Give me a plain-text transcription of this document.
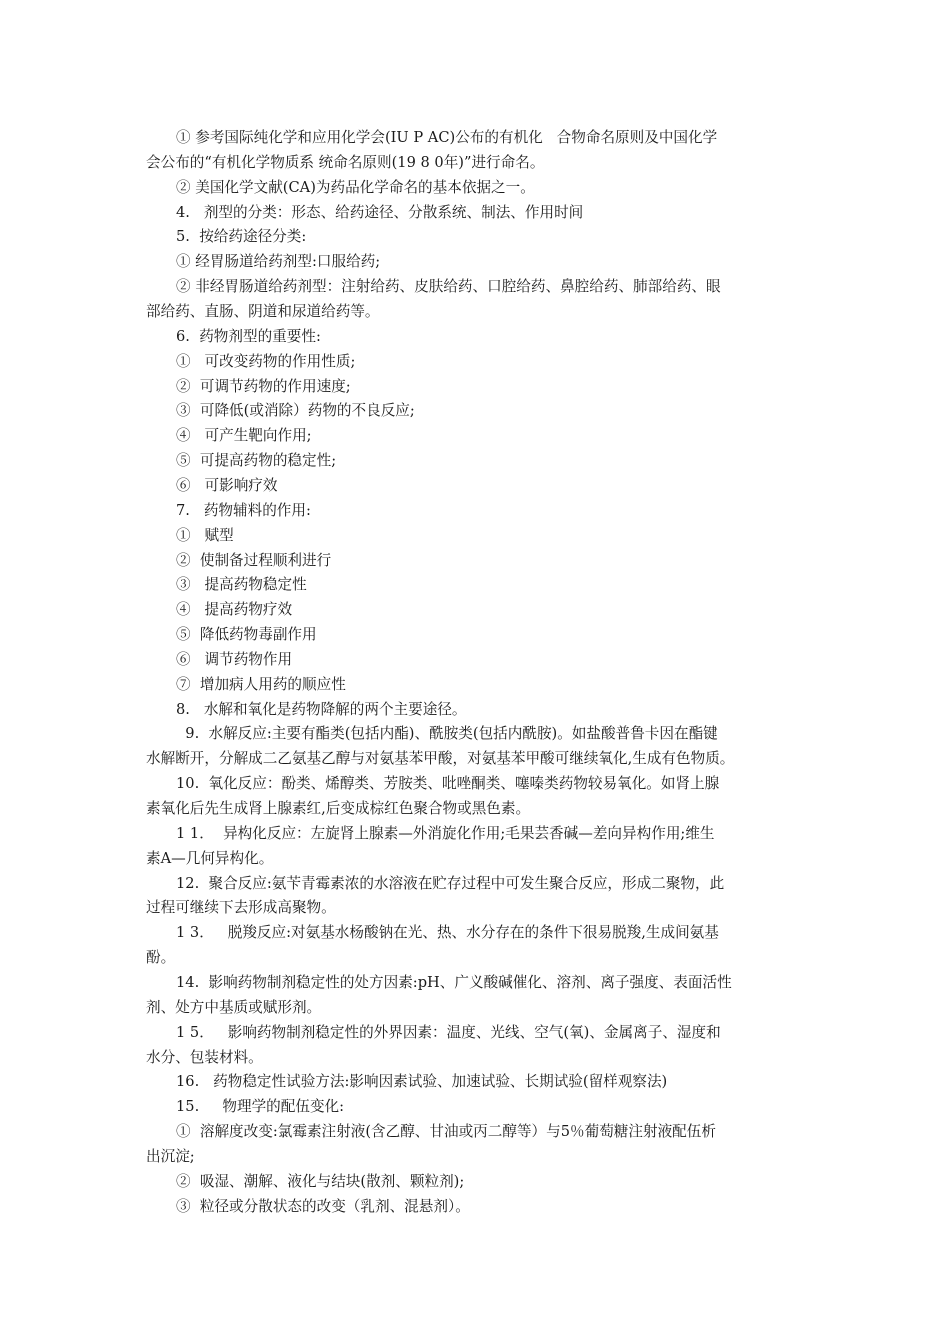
① 参考国际纯化学和应用化学会(IU P AC)公布的有机化   合物命名原则及中国化学
会公布的“有机化学物质系 统命名原则(19 8 0年)”进行命名。
② 美国化学文献(CA)为药品化学命名的基本依据之一。
4.   剂型的分类：形态、给药途径、分散系统、制法、作用时间
5.  按给药途径分类:
① 经胃肠道给药剂型:口服给药;
② 非经胃肠道给药剂型：注射给药、皮肤给药、口腔给药、鼻腔给药、肺部给药、眼
部给药、直肠、阴道和尿道给药等。
6.  药物剂型的重要性:
①   可改变药物的作用性质;
②  可调节药物的作用速度;
③  可降低(或消除）药物的不良反应;
④   可产生靶向作用;
⑤  可提高药物的稳定性;
⑥   可影响疗效
7.   药物辅料的作用:
①   赋型
②  使制备过程顺利进行
③   提高药物稳定性
④   提高药物疗效
⑤  降低药物毒副作用
⑥   调节药物作用
⑦  增加病人用药的顺应性
8.   水解和氧化是药物降解的两个主要途径。
9.  水解反应:主要有酯类(包括内酯)、酰胺类(包括内酰胺)。如盐酸普鲁卡因在酯键
水解断开，分解成二乙氨基乙醇与对氨基苯甲酸，对氨基苯甲酸可继续氧化,生成有色物质。
10.  氧化反应：酚类、烯醇类、芳胺类、吡唑酮类、噻嗪类药物较易氧化。如肾上腺
素氧化后先生成肾上腺素红,后变成棕红色聚合物或黑色素。
1 1．  异构化反应：左旋肾上腺素—外消旋化作用;毛果芸香碱—差向异构作用;维生
素A—几何异构化。
12.  聚合反应:氨苄青霉素浓的水溶液在贮存过程中可发生聚合反应，形成二聚物，此
过程可继续下去形成高聚物。
1 3．   脱羧反应:对氨基水杨酸钠在光、热、水分存在的条件下很易脱羧,生成间氨基
酚。
14.  影响药物制剂稳定性的处方因素:pH、广义酸碱催化、溶剂、离子强度、表面活性
剂、处方中基质或赋形剂。
1 5．   影响药物制剂稳定性的外界因素：温度、光线、空气(氧)、金属离子、湿度和
水分、包装材料。
16.   药物稳定性试验方法:影响因素试验、加速试验、长期试验(留样观察法)
15.     物理学的配伍变化:
①  溶解度改变:氯霉素注射液(含乙醇、甘油或丙二醇等）与5％葡萄糖注射液配伍析
出沉淀;
②  吸湿、潮解、液化与结块(散剂、颗粒剂);
③  粒径或分散状态的改变（乳剂、混悬剂）。
